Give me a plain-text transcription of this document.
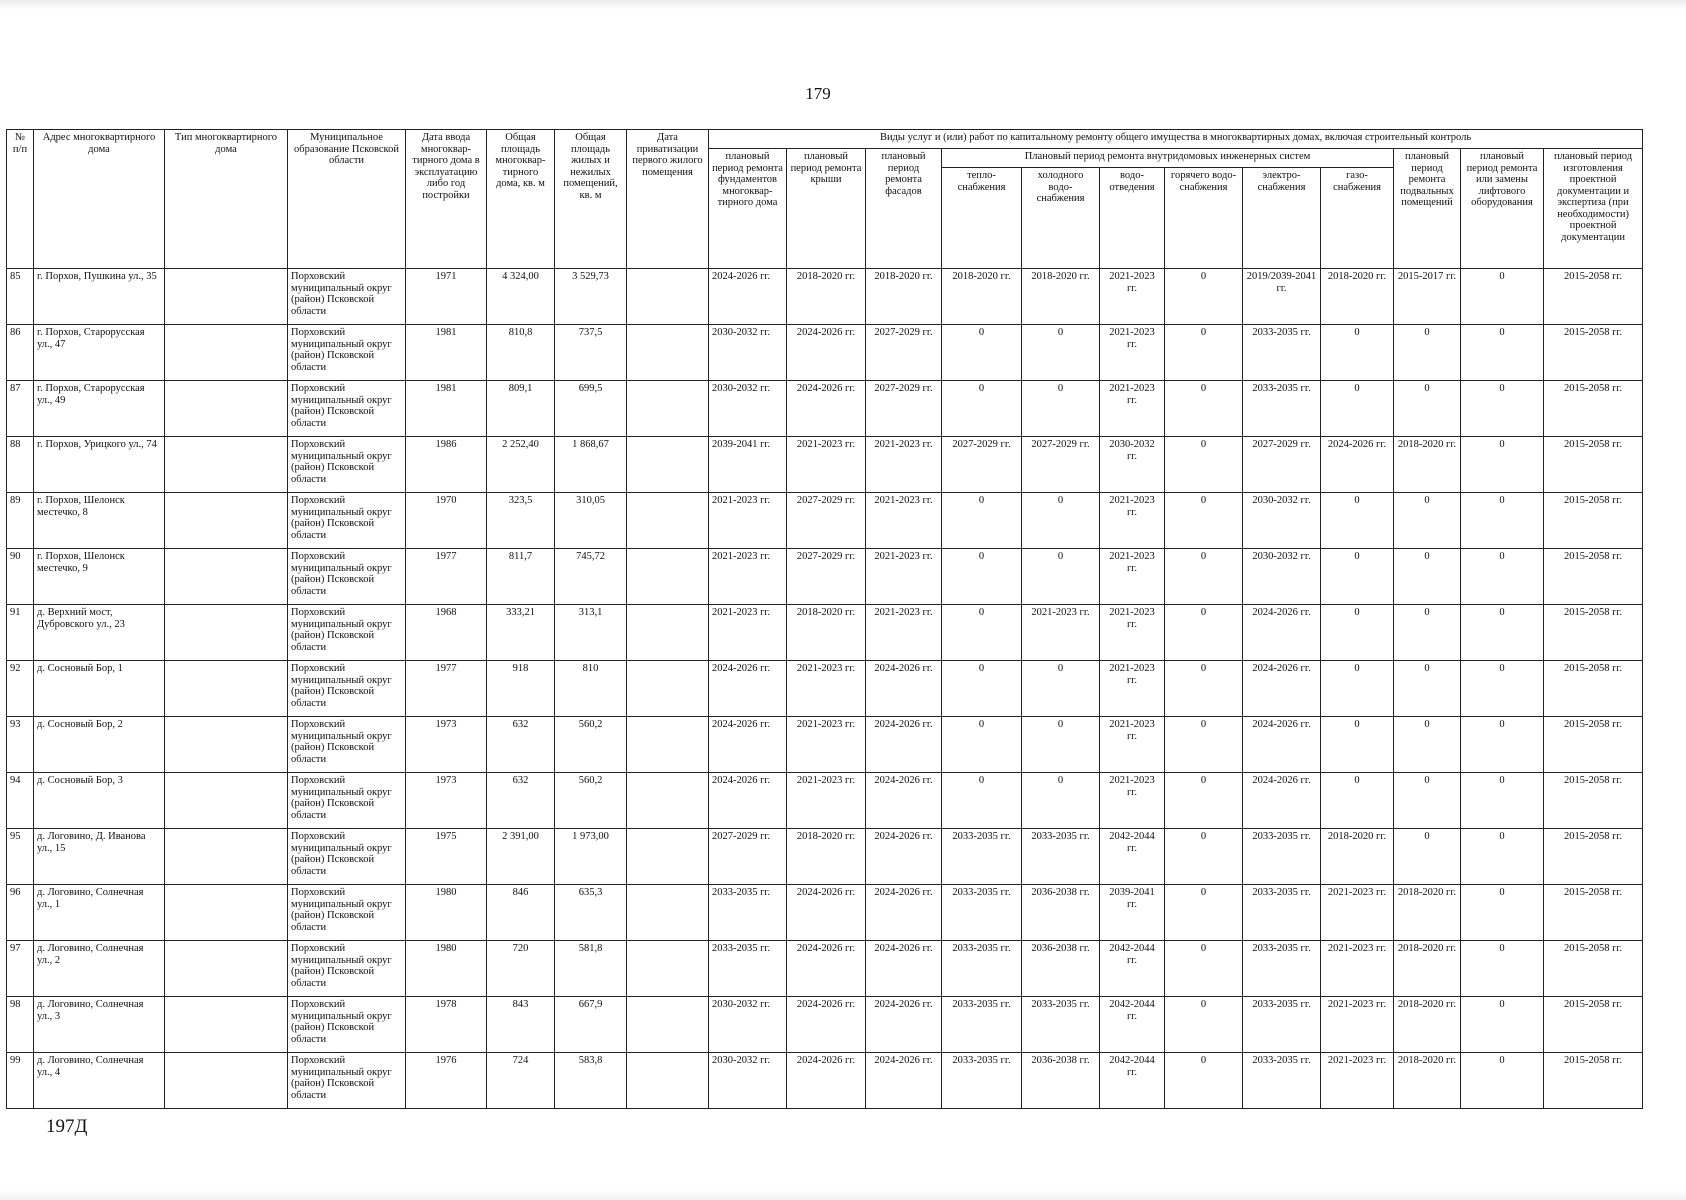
179
№ п/п	Адрес многоквартирного дома	Тип многоквартирного дома	Муниципальное образование Псковской области	Дата ввода многоквар-тирного дома в эксплуатацию либо год постройки	Общая площадь многоквар-тирного дома, кв. м	Общая площадь жилых и нежилых помещений, кв. м	Дата приватизации первого жилого помещения	Виды услуг и (или) работ по капитальному ремонту общего имущества в многоквартирных домах, включая строительный контроль											
								плановый период ремонта фундаментов многоквар-тирного дома	плановый период ремонта крыши	плановый период ремонта фасадов	Плановый период ремонта внутридомовых инженерных систем						плановый период ремонта подвальных помещений	плановый период ремонта или замены лифтового оборудования	плановый период изготовления проектной документации и экспертиза (при необходимости) проектной документации
											тепло-снабжения	холодного водо-снабжения	водо-отведения	горячего водо-снабжения	электро-снабжения	газо-снабжения			
85	г. Порхов, Пушкина ул., 35		Порховский муниципальный округ (район) Псковской области	1971	4 324,00	3 529,73		2024-2026 гг.	2018-2020 гг.	2018-2020 гг.	2018-2020 гг.	2018-2020 гг.	2021-2023 гг.	0	2019/2039-2041 гг.	2018-2020 гг.	2015-2017 гг.	0	2015-2058 гг.
86	г. Порхов, Старорусская ул., 47		Порховский муниципальный округ (район) Псковской области	1981	810,8	737,5		2030-2032 гг.	2024-2026 гг.	2027-2029 гг.	0	0	2021-2023 гг.	0	2033-2035 гг.	0	0	0	2015-2058 гг.
87	г. Порхов, Старорусская ул., 49		Порховский муниципальный округ (район) Псковской области	1981	809,1	699,5		2030-2032 гг.	2024-2026 гг.	2027-2029 гг.	0	0	2021-2023 гг.	0	2033-2035 гг.	0	0	0	2015-2058 гг.
88	г. Порхов, Урицкого ул., 74		Порховский муниципальный округ (район) Псковской области	1986	2 252,40	1 868,67		2039-2041 гг.	2021-2023 гг.	2021-2023 гг.	2027-2029 гг.	2027-2029 гг.	2030-2032 гг.	0	2027-2029 гг.	2024-2026 гг.	2018-2020 гг.	0	2015-2058 гг.
89	г. Порхов, Шелонск местечко, 8		Порховский муниципальный округ (район) Псковской области	1970	323,5	310,05		2021-2023 гг.	2027-2029 гг.	2021-2023 гг.	0	0	2021-2023 гг.	0	2030-2032 гг.	0	0	0	2015-2058 гг.
90	г. Порхов, Шелонск местечко, 9		Порховский муниципальный округ (район) Псковской области	1977	811,7	745,72		2021-2023 гг.	2027-2029 гг.	2021-2023 гг.	0	0	2021-2023 гг.	0	2030-2032 гг.	0	0	0	2015-2058 гг.
91	д. Верхний мост, Дубровского ул., 23		Порховский муниципальный округ (район) Псковской области	1968	333,21	313,1		2021-2023 гг.	2018-2020 гг.	2021-2023 гг.	0	2021-2023 гг.	2021-2023 гг.	0	2024-2026 гг.	0	0	0	2015-2058 гг.
92	д. Сосновый Бор, 1		Порховский муниципальный округ (район) Псковской области	1977	918	810		2024-2026 гг.	2021-2023 гг.	2024-2026 гг.	0	0	2021-2023 гг.	0	2024-2026 гг.	0	0	0	2015-2058 гг.
93	д. Сосновый Бор, 2		Порховский муниципальный округ (район) Псковской области	1973	632	560,2		2024-2026 гг.	2021-2023 гг.	2024-2026 гг.	0	0	2021-2023 гг.	0	2024-2026 гг.	0	0	0	2015-2058 гг.
94	д. Сосновый Бор, 3		Порховский муниципальный округ (район) Псковской области	1973	632	560,2		2024-2026 гг.	2021-2023 гг.	2024-2026 гг.	0	0	2021-2023 гг.	0	2024-2026 гг.	0	0	0	2015-2058 гг.
95	д. Логовино, Д. Иванова ул., 15		Порховский муниципальный округ (район) Псковской области	1975	2 391,00	1 973,00		2027-2029 гг.	2018-2020 гг.	2024-2026 гг.	2033-2035 гг.	2033-2035 гг.	2042-2044 гг.	0	2033-2035 гг.	2018-2020 гг.	0	0	2015-2058 гг.
96	д. Логовино, Солнечная ул., 1		Порховский муниципальный округ (район) Псковской области	1980	846	635,3		2033-2035 гг.	2024-2026 гг.	2024-2026 гг.	2033-2035 гг.	2036-2038 гг.	2039-2041 гг.	0	2033-2035 гг.	2021-2023 гг.	2018-2020 гг.	0	2015-2058 гг.
97	д. Логовино, Солнечная ул., 2		Порховский муниципальный округ (район) Псковской области	1980	720	581,8		2033-2035 гг.	2024-2026 гг.	2024-2026 гг.	2033-2035 гг.	2036-2038 гг.	2042-2044 гг.	0	2033-2035 гг.	2021-2023 гг.	2018-2020 гг.	0	2015-2058 гг.
98	д. Логовино, Солнечная ул., 3		Порховский муниципальный округ (район) Псковской области	1978	843	667,9		2030-2032 гг.	2024-2026 гг.	2024-2026 гг.	2033-2035 гг.	2033-2035 гг.	2042-2044 гг.	0	2033-2035 гг.	2021-2023 гг.	2018-2020 гг.	0	2015-2058 гг.
99	д. Логовино, Солнечная ул., 4		Порховский муниципальный округ (район) Псковской области	1976	724	583,8		2030-2032 гг.	2024-2026 гг.	2024-2026 гг.	2033-2035 гг.	2036-2038 гг.	2042-2044 гг.	0	2033-2035 гг.	2021-2023 гг.	2018-2020 гг.	0	2015-2058 гг.
197Д
